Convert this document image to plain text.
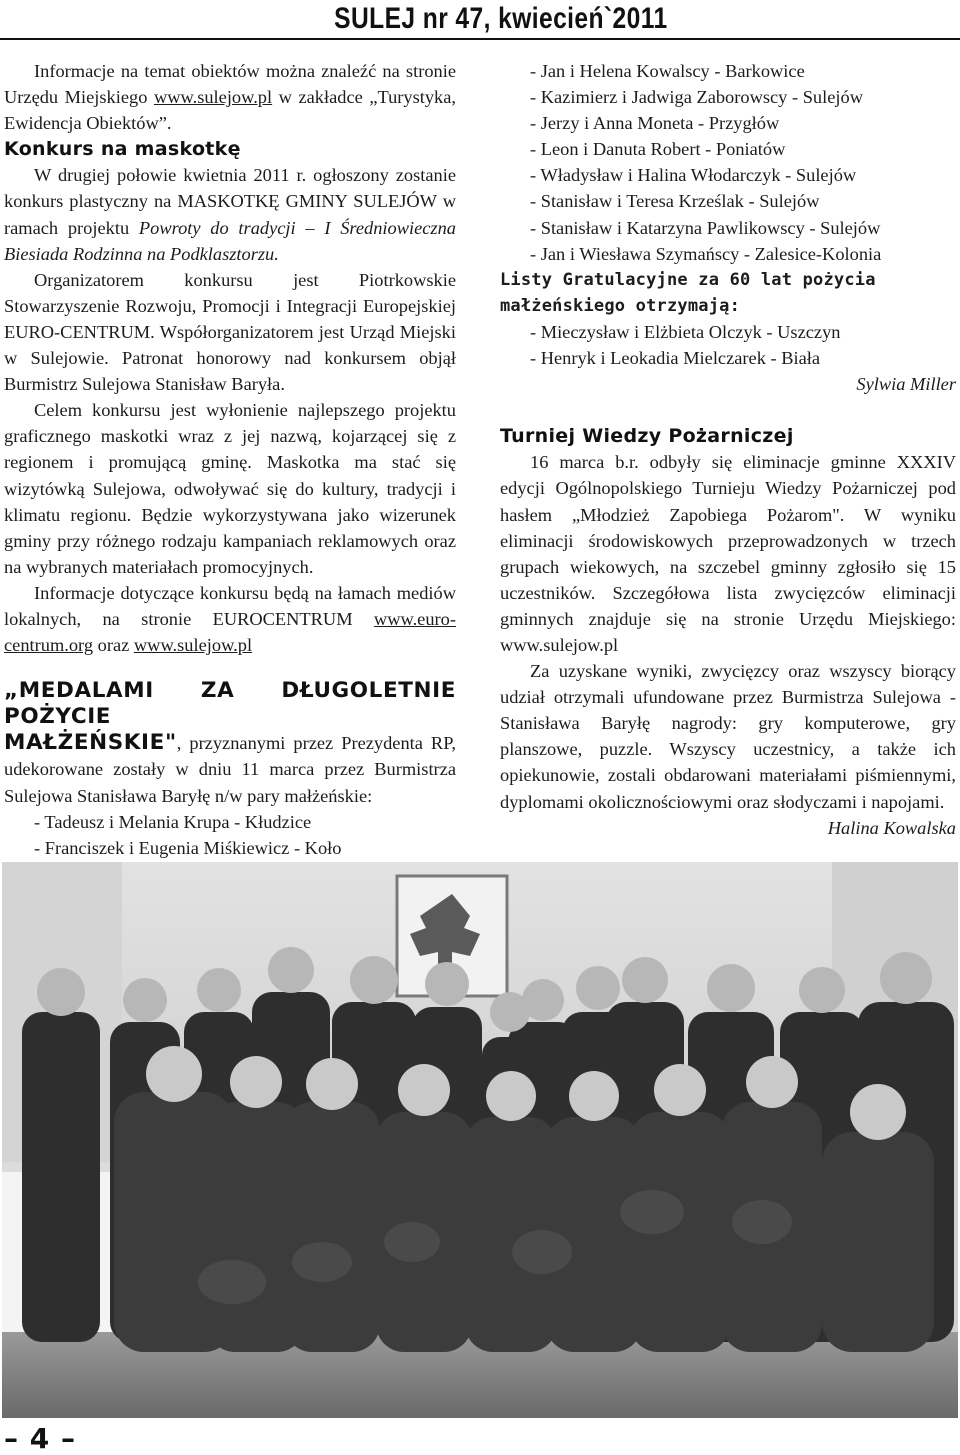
SULEJ nr 47, kwiecień`2011

Informacje na temat obiektów można znaleźć na stronie Urzędu Miejskiego www.sulejow.pl w zakładce „Turystyka, Ewidencja Obiektów”.

Konkurs na maskotkę

W drugiej połowie kwietnia 2011 r. ogłoszony zostanie konkurs plastyczny na MASKOTKĘ GMINY SULEJÓW w ramach projektu Powroty do tradycji – I Średniowieczna Biesiada Rodzinna na Podklasztorzu.

Organizatorem konkursu jest Piotrkowskie Stowarzyszenie Rozwoju, Promocji i Integracji Europejskiej EURO-CENTRUM. Współorganizatorem jest Urząd Miejski w Sulejowie. Patronat honorowy nad konkursem objął Burmistrz Sulejowa Stanisław Baryła.

Celem konkursu jest wyłonienie najlepszego projektu graficznego maskotki wraz z jej nazwą, kojarzącej się z regionem i promującą gminę. Maskotka ma stać się wizytówką Sulejowa, odwoływać się do kultury, tradycji i klimatu regionu. Będzie wykorzystywana jako wizerunek gminy przy różnego rodzaju kampaniach reklamowych oraz na wybranych materiałach promocyjnych.

Informacje dotyczące konkursu będą na łamach mediów lokalnych, na stronie EUROCENTRUM www.euro-centrum.org oraz www.sulejow.pl

„MEDALAMI ZA DŁUGOLETNIE POŻYCIE

MAŁŻEŃSKIE", przyznanymi przez Prezydenta RP, udekorowane zostały w dniu 11 marca przez Burmistrza Sulejowa Stanisława Baryłę n/w pary małżeńskie:

- Tadeusz i Melania Krupa - Kłudzice

- Franciszek i Eugenia Miśkiewicz - Koło

- Jan i Helena Kowalscy - Barkowice

- Kazimierz i Jadwiga Zaborowscy - Sulejów

- Jerzy i Anna Moneta - Przygłów

- Leon i Danuta Robert - Poniatów

- Władysław i Halina Włodarczyk - Sulejów

- Stanisław i Teresa Krześlak - Sulejów

- Stanisław i Katarzyna Pawlikowscy - Sulejów

- Jan i Wiesława Szymańscy - Zalesice-Kolonia

Listy Gratulacyjne za 60 lat pożycia małżeńskiego otrzymają:

- Mieczysław i Elżbieta Olczyk - Uszczyn

- Henryk i Leokadia Mielczarek - Biała

Sylwia Miller

Turniej Wiedzy Pożarniczej

16 marca b.r. odbyły się eliminacje gminne XXXIV edycji Ogólnopolskiego Turnieju Wiedzy Pożarniczej pod hasłem „Młodzież Zapobiega Pożarom". W wyniku eliminacji środowiskowych przeprowadzonych w trzech grupach wiekowych, na szczebel gminny zgłosiło się 15 uczestników. Szczegółowa lista zwycięzców eliminacji gminnych znajduje się na stronie Urzędu Miejskiego: www.sulejow.pl

Za uzyskane wyniki, zwycięzcy oraz wszyscy biorący udział otrzymali ufundowane przez Burmistrza Sulejowa - Stanisława Baryłę nagrody: gry komputerowe, gry planszowe, puzzle. Wszyscy uczestnicy, a także ich opiekunowie, zostali obdarowani materiałami piśmiennymi, dyplomami okolicznościowymi oraz słodyczami i napojami.

Halina Kowalska

– 4 –
